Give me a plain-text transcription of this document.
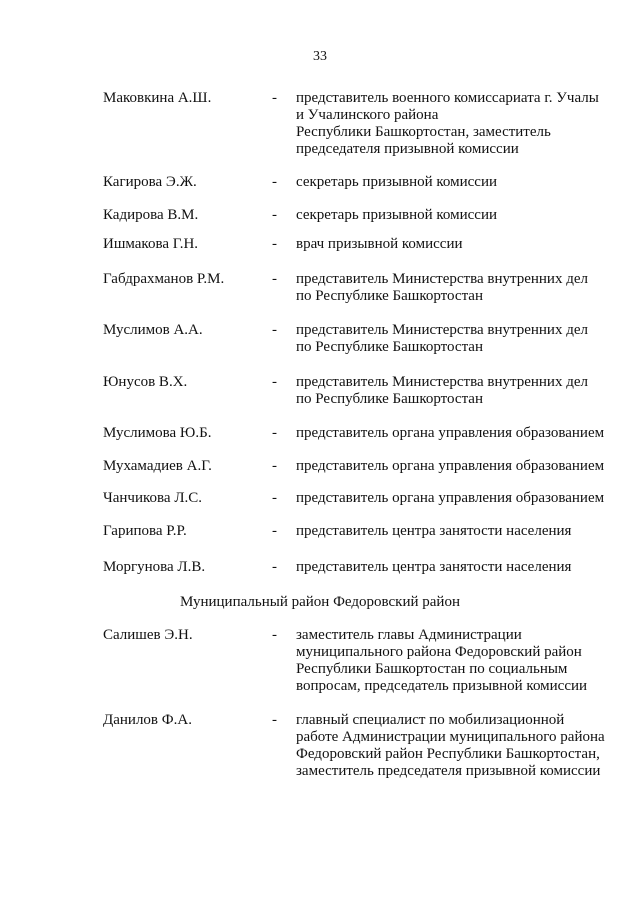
33
Маковкина А.Ш.	- представитель военного комиссариата г. Учалы
и Учалинского района
Республики Башкортостан, заместитель
председателя призывной комиссии
Кагирова Э.Ж.	- секретарь призывной комиссии
Кадирова В.М.	- секретарь призывной комиссии
Ишмакова Г.Н.	- врач призывной комиссии
Габдрахманов Р.М.	- представитель Министерства внутренних дел
по Республике Башкортостан
Муслимов А.А.	- представитель Министерства внутренних дел
по Республике Башкортостан
Юнусов В.Х.	- представитель Министерства внутренних дел
по Республике Башкортостан
Муслимова Ю.Б.	- представитель органа управления образованием
Мухамадиев А.Г.	- представитель органа управления образованием
Чанчикова Л.С.	- представитель органа управления образованием
Гарипова Р.Р.	- представитель центра занятости населения
Моргунова Л.В.	- представитель центра занятости населения
Муниципальный район Федоровский район
Салишев Э.Н.	- заместитель главы Администрации
муниципального района Федоровский район
Республики Башкортостан по социальным
вопросам, председатель призывной комиссии
Данилов Ф.А.	- главный специалист по мобилизационной
работе Администрации муниципального района
Федоровский район Республики Башкортостан,
заместитель председателя призывной комиссии
